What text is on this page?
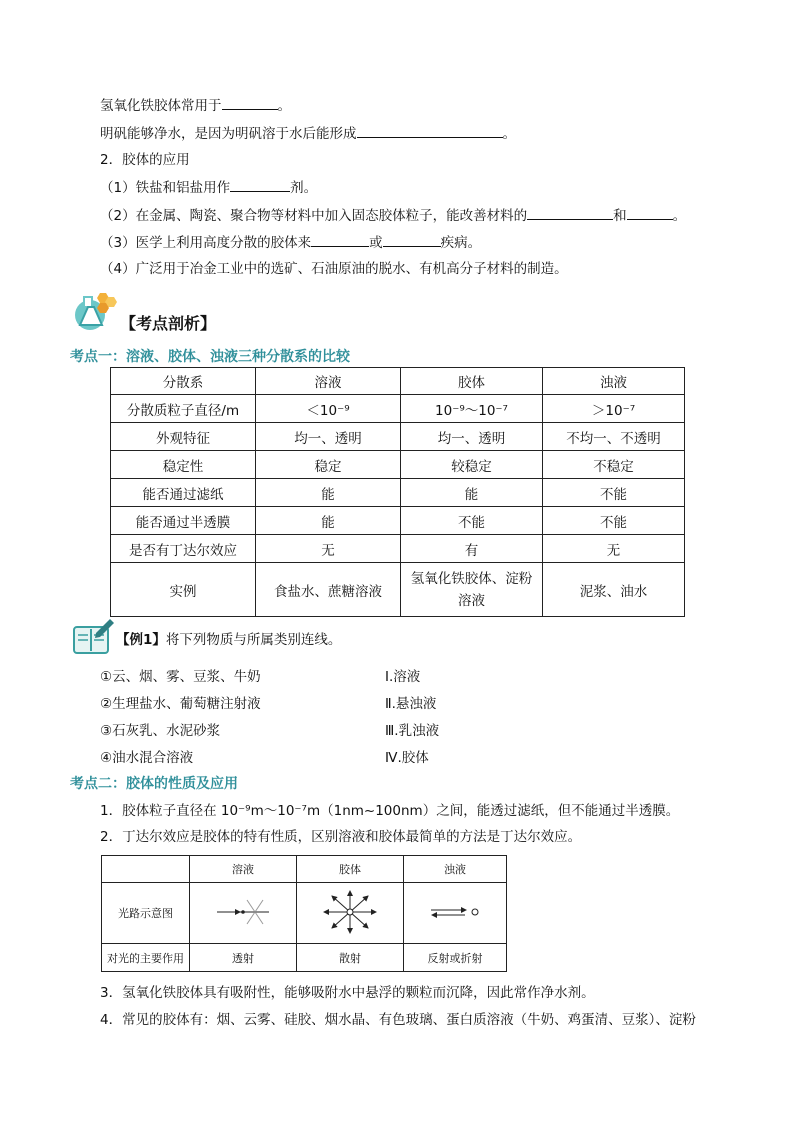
氢氧化铁胶体常用于	。
明矾能够净水，是因为明矾溶于水后能形成	。
2．胶体的应用
（1）铁盐和铝盐用作	剂。
（2）在金属、陶瓷、聚合物等材料中加入固态胶体粒子，能改善材料的	和	。
（3）医学上利用高度分散的胶体来	或	疾病。
（4）广泛用于冶金工业中的选矿、石油原油的脱水、有机高分子材料的制造。
【考点剖析】
考点一：溶液、胶体、浊液三种分散系的比较
分散系	溶液	胶体	浊液
分散质粒子直径/m	＜10⁻⁹	10⁻⁹～10⁻⁷	＞10⁻⁷
外观特征	均一、透明	均一、透明	不均一、不透明
稳定性	稳定	较稳定	不稳定
能否通过滤纸	能	能	不能
能否通过半透膜	能	不能	不能
是否有丁达尔效应	无	有	无
实例	食盐水、蔗糖溶液	氢氧化铁胶体、淀粉溶液	泥浆、油水
【例1】将下列物质与所属类别连线。
①云、烟、雾、豆浆、牛奶	Ⅰ.溶液
②生理盐水、葡萄糖注射液	Ⅱ.悬浊液
③石灰乳、水泥砂浆	Ⅲ.乳浊液
④油水混合溶液	Ⅳ.胶体
考点二：胶体的性质及应用
1．胶体粒子直径在 10⁻⁹m～10⁻⁷m（1nm~100nm）之间，能透过滤纸，但不能通过半透膜。
2．丁达尔效应是胶体的特有性质，区别溶液和胶体最简单的方法是丁达尔效应。
	溶液	胶体	浊液
光路示意图			
对光的主要作用	透射	散射	反射或折射
3．氢氧化铁胶体具有吸附性，能够吸附水中悬浮的颗粒而沉降，因此常作净水剂。
4．常见的胶体有：烟、云雾、硅胶、烟水晶、有色玻璃、蛋白质溶液（牛奶、鸡蛋清、豆浆）、淀粉
